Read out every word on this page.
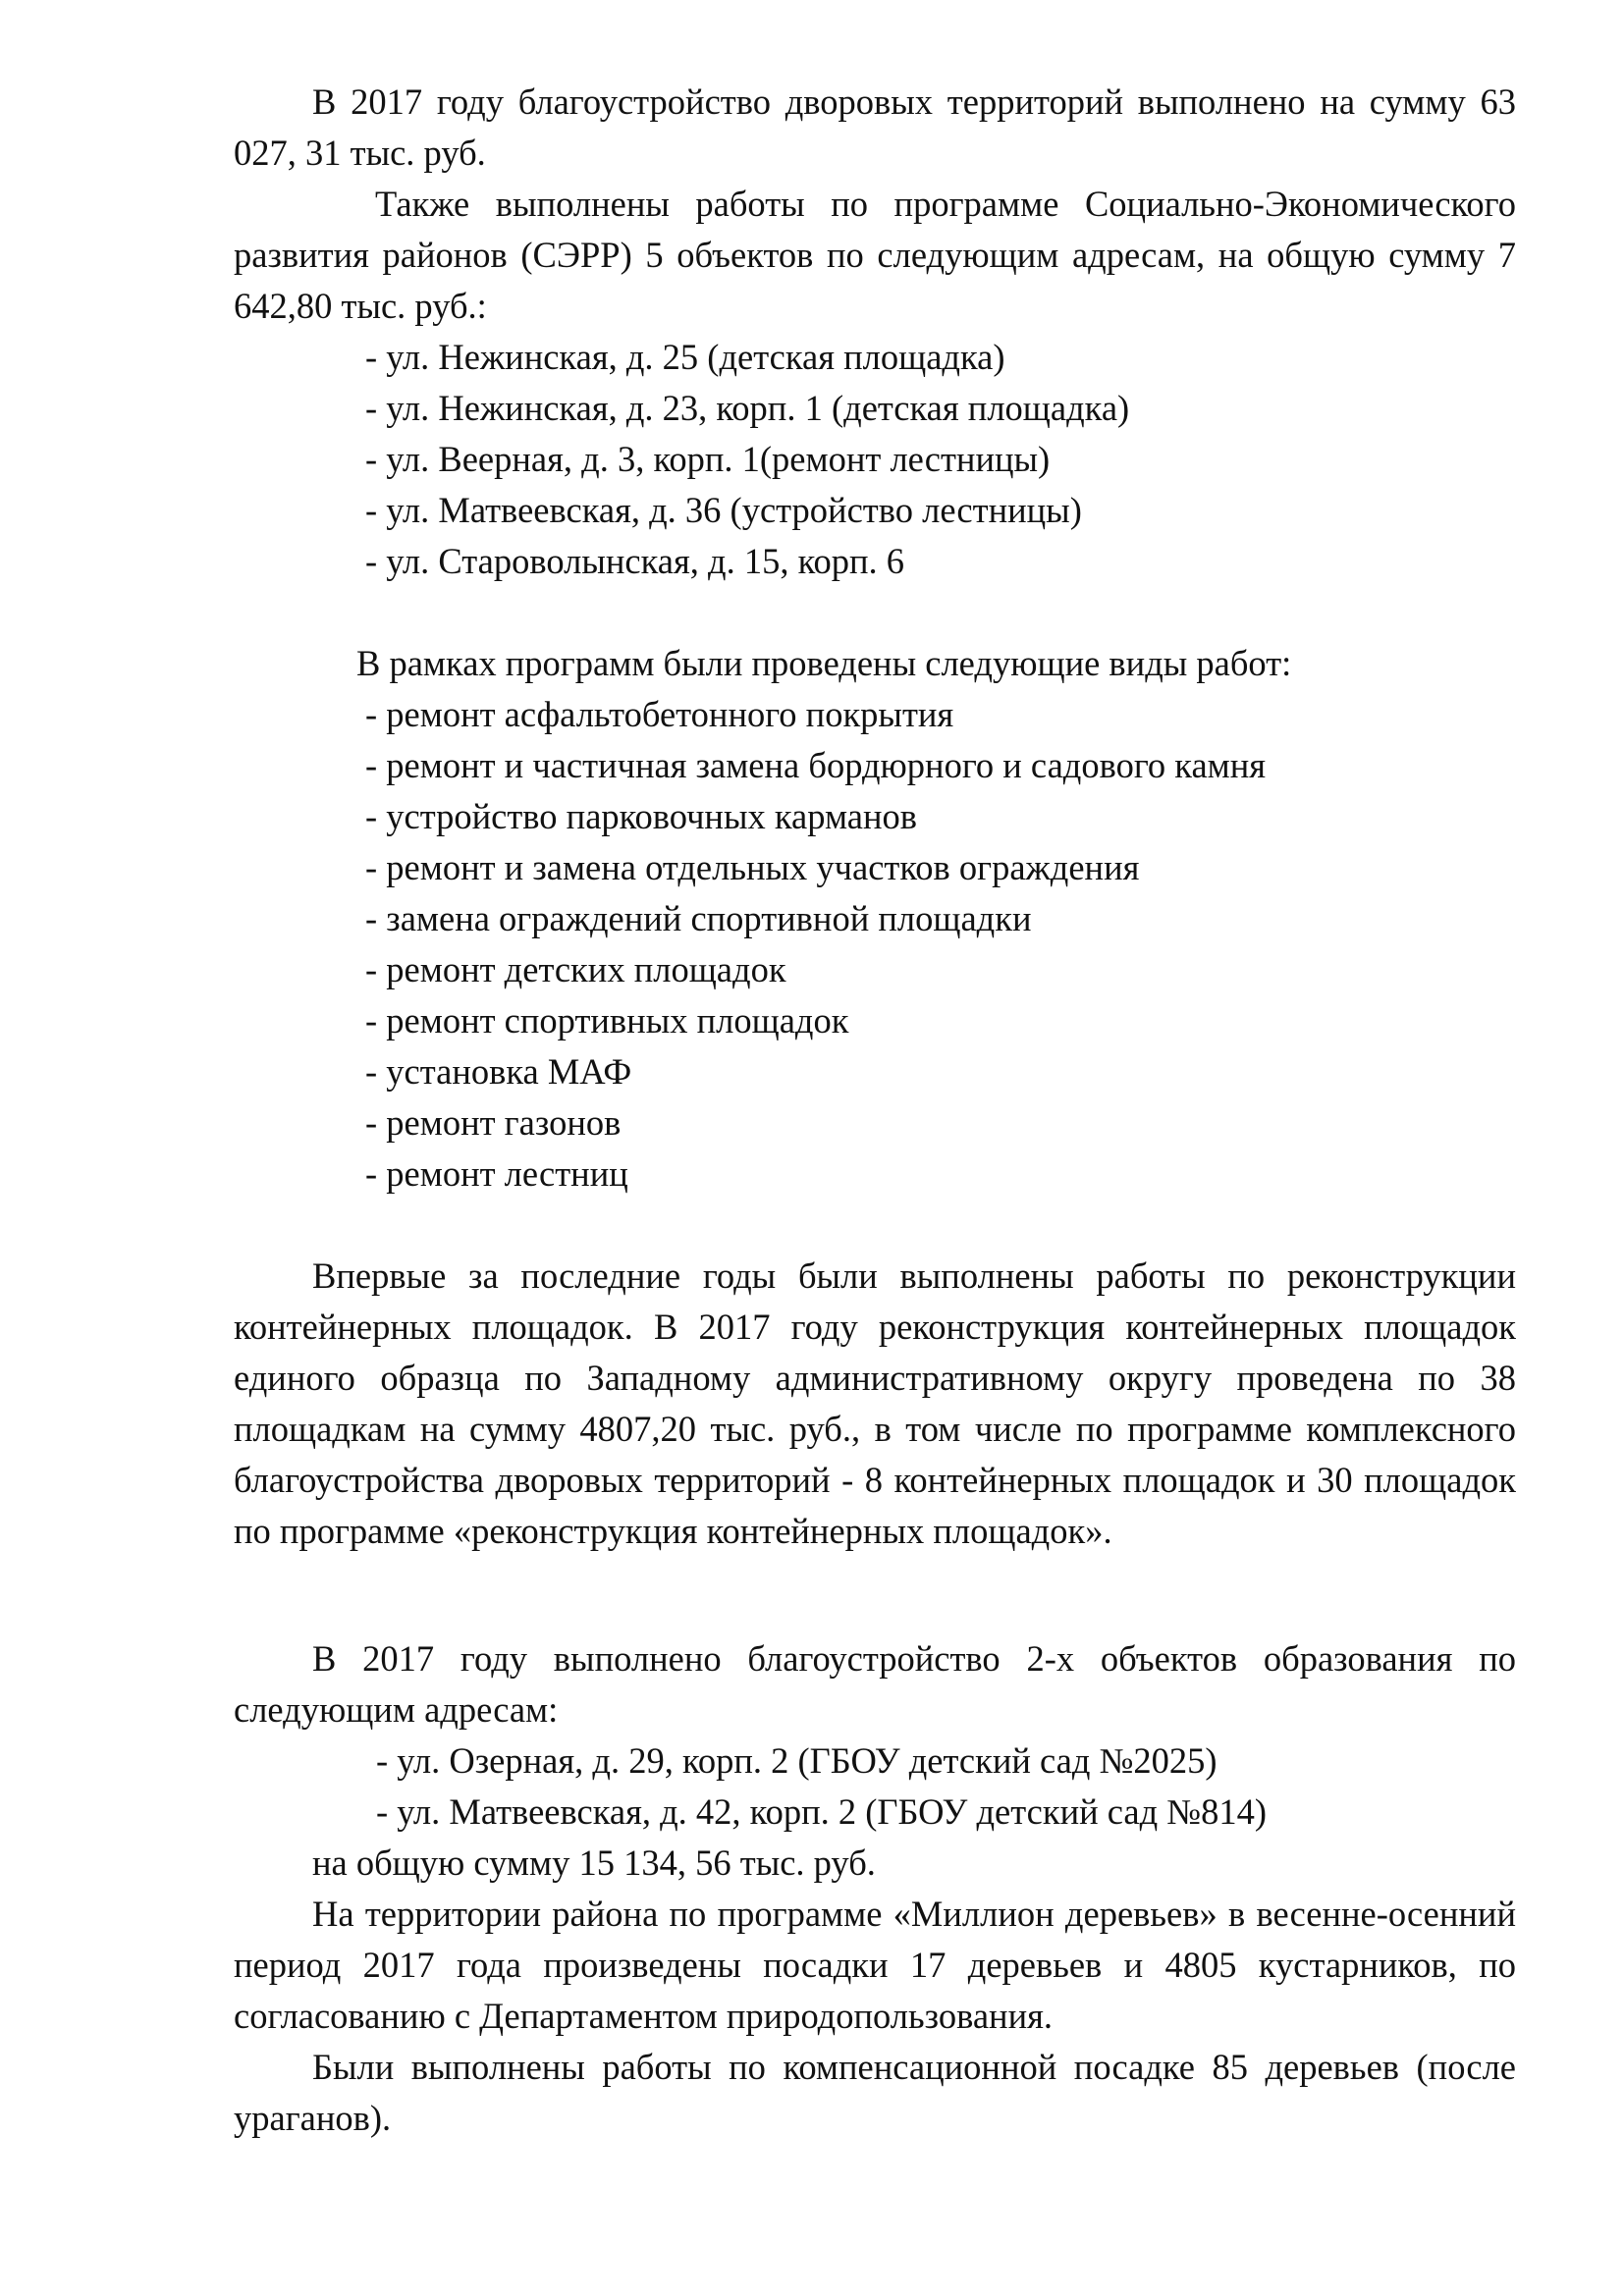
В 2017 году благоустройство дворовых территорий выполнено на сумму 63 027, 31 тыс. руб.

Также выполнены работы по программе Социально-Экономического развития районов (СЭРР) 5 объектов по следующим адресам, на общую сумму 7 642,80 тыс. руб.:

- ул. Нежинская, д. 25 (детская площадка)
- ул. Нежинская, д. 23, корп. 1 (детская площадка)
- ул. Веерная, д. 3, корп. 1(ремонт лестницы)
- ул. Матвеевская, д. 36 (устройство лестницы)
- ул. Староволынская, д. 15, корп. 6

В рамках программ были проведены следующие виды работ:

- ремонт асфальтобетонного покрытия
- ремонт и частичная замена бордюрного и садового камня
- устройство парковочных карманов
- ремонт и замена отдельных участков ограждения
- замена ограждений спортивной площадки
- ремонт детских площадок
- ремонт спортивных площадок
- установка МАФ
- ремонт газонов
- ремонт лестниц

Впервые за последние годы были выполнены работы по реконструкции контейнерных площадок. В 2017 году реконструкция контейнерных площадок единого образца по Западному административному округу проведена по 38 площадкам на сумму 4807,20 тыс. руб., в том числе по программе комплексного благоустройства дворовых территорий - 8 контейнерных площадок и 30 площадок по программе «реконструкция контейнерных площадок».

В 2017 году выполнено благоустройство 2-х объектов образования по следующим адресам:

- ул. Озерная, д. 29, корп. 2 (ГБОУ детский сад №2025)
- ул. Матвеевская, д. 42, корп. 2 (ГБОУ детский сад №814)

на общую сумму 15 134, 56 тыс. руб.

На территории района по программе «Миллион деревьев» в весенне-осенний период 2017 года произведены посадки 17 деревьев и 4805 кустарников, по согласованию с Департаментом природопользования.

Были выполнены работы по компенсационной посадке 85 деревьев (после ураганов).
